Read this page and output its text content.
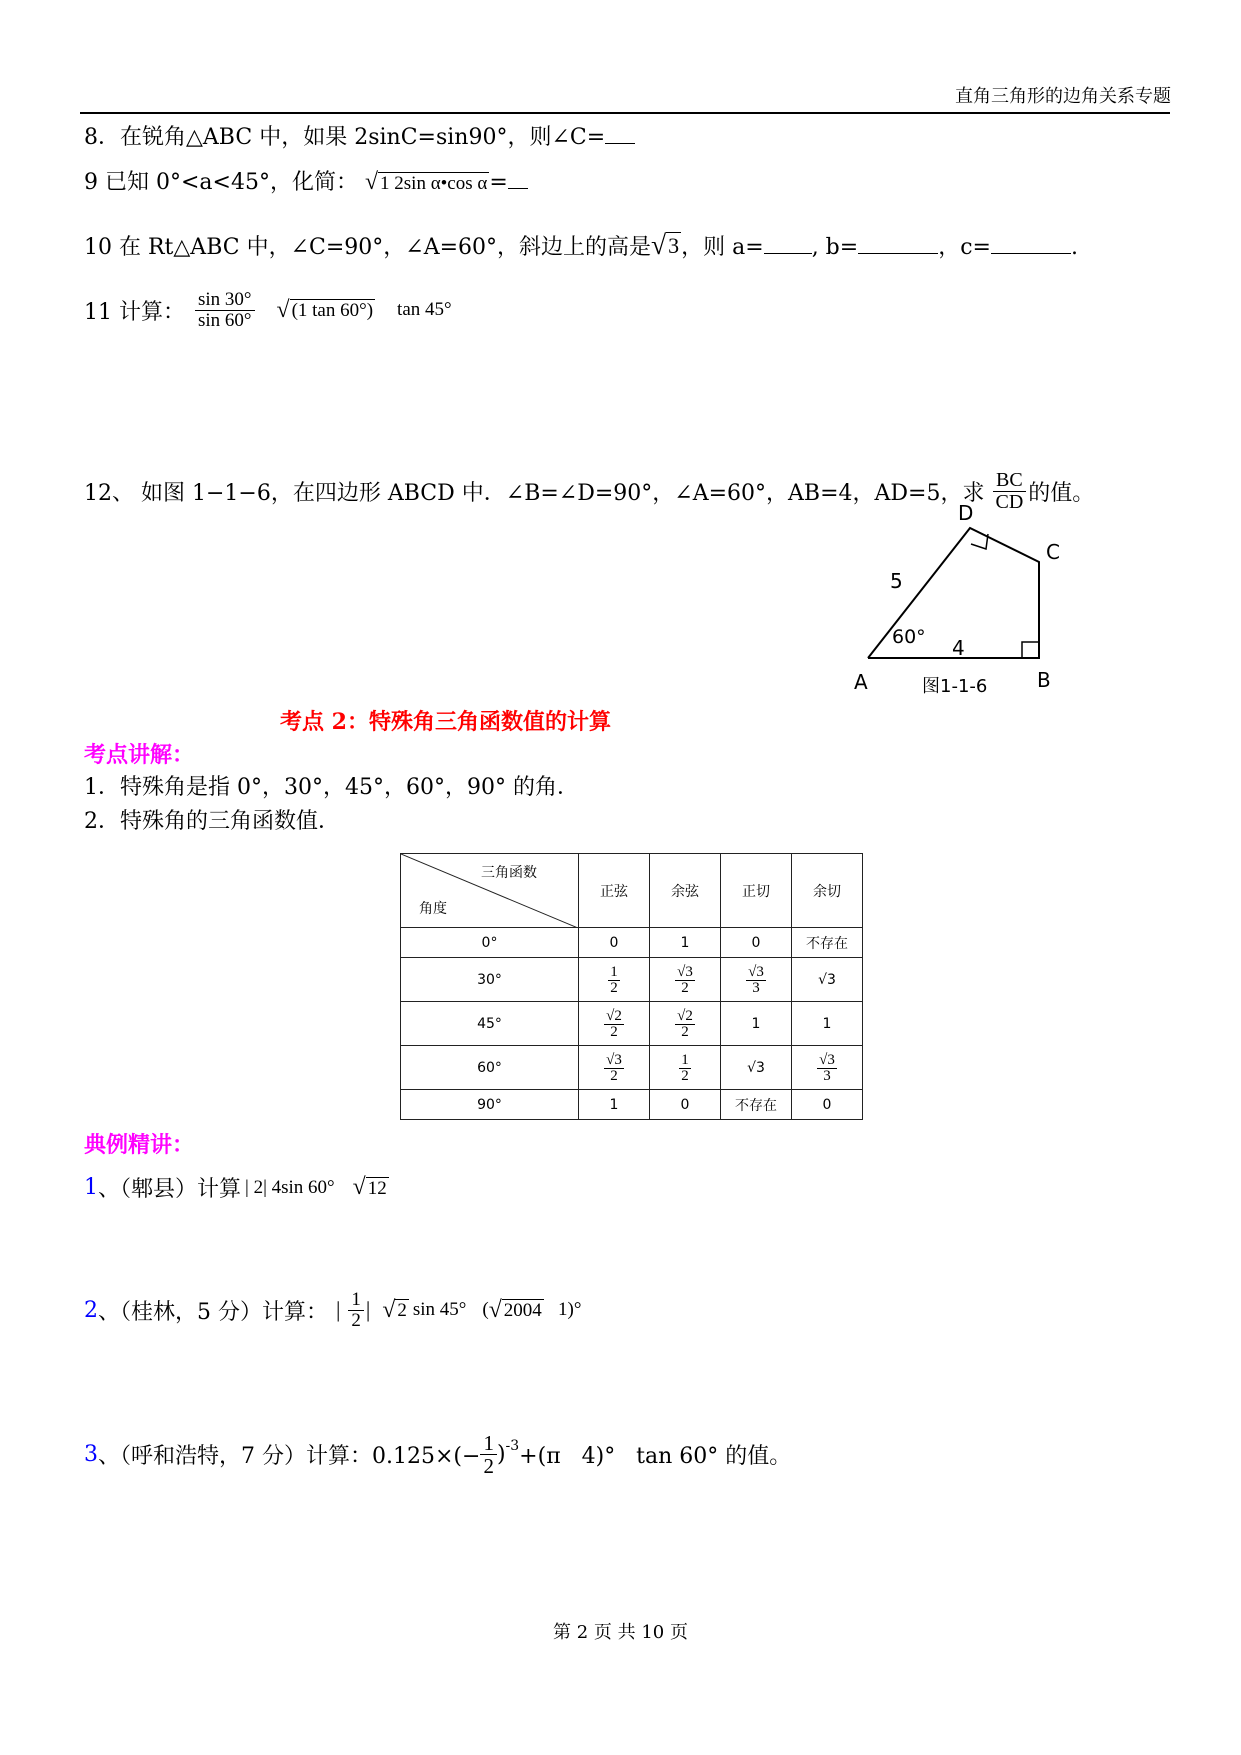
直角三角形的边角关系专题
8．在锐角△ABC 中，如果 2sinC=sin90°，则∠C=
9 已知 0°<a<45°，化简： √ 1 2sin α•cos α =
10 在 Rt△ABC 中，∠C=90°，∠A=60°，斜边上的高是 √ 3 ，则 a= , b=	，c=	.
11 计算： $\frac{\sin 30^\circ}{\sin 60^\circ}$ √ (1 tan 60°) tan 45°
12、 如图 1−1−6，在四边形 ABCD 中．∠B=∠D=90°，∠A=60°，AB=4，AD=5，求 $\frac{BC}{CD}$ 的值。
D
C
A	B
5
4
60°
图1-1-6
考点 2：特殊角三角函数值的计算
考点讲解：
1．特殊角是指 0°，30°，45°，60°，90° 的角．
2．特殊角的三角函数值．
三角函数
角度	正弦	余弦	正切	余切
0°	0	1	0	不存在
30°	$\frac{1}{2}$	$\frac{√3}{2}$	$\frac{√3}{3}$	√3
45°	$\frac{√2}{2}$	$\frac{√2}{2}$	1	1
60°	$\frac{√3}{2}$	$\frac{1}{2}$	√3	$\frac{√3}{3}$

90°	1	0	不存在	0
典例精讲：
1 、（郫县）计算 | 2| 4sin 60° √ 12
2 、（桂林，5 分）计算： | $\frac{1}{2}$ | √ 2 sin 45° ( √ 2004 1)°
3 、（呼和浩特，7 分）计算：$0.125\times(- \frac{1}{2} )^{-3} +(\pi$   4)°   tan 60° 的值。
第 2 页 共 10 页
